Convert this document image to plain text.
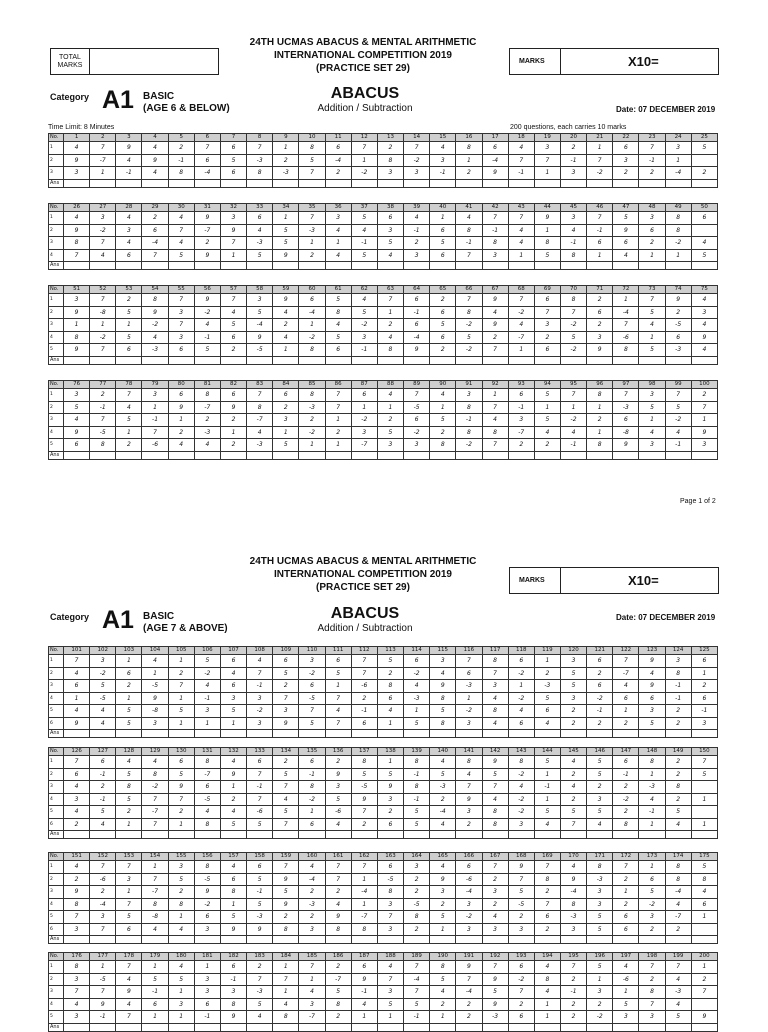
24TH UCMAS ABACUS & MENTAL ARITHMETIC
INTERNATIONAL COMPETITION 2019
(PRACTICE SET 29)
TOTAL MARKS
MARKS	X10=
Category A1 BASIC
(AGE 6 & BELOW)
ABACUS
Addition / Subtraction	Date: 07 DECEMBER 2019
Time Limit: 8 Minutes	200 questions, each carries 10 marks
No.	1	2	3	4	5	6	7	8	9	10	11	12	13	14	15	16	17	18	19	20	21	22	23	24	25
1	4	7	9	4	2	7	6	7	1	8	6	7	2	7	4	8	6	4	3	2	1	6	7	3	5
2	9	-7	4	9	-1	6	5	-3	2	5	-4	1	8	-2	3	1	-4	7	7	-1	7	3	-1	1	
3	3	1	-1	4	8	-4	6	8	-3	7	2	-2	3	3	-1	2	9	-1	1	3	-2	2	2	-4	2
Ans																									
No.	26	27	28	29	30	31	32	33	34	35	36	37	38	39	40	41	42	43	44	45	46	47	48	49	50
1	4	3	4	2	4	9	3	6	1	7	3	5	6	4	1	4	7	7	9	3	7	5	3	8	6
2	9	-2	3	6	7	-7	9	4	5	-3	4	4	3	-1	6	8	-1	4	1	4	-1	9	6	8	
3	8	7	4	-4	4	2	7	-3	5	1	1	-1	5	2	5	-1	8	4	8	-1	6	6	2	-2	4
4	7	4	6	7	5	9	1	5	9	2	4	5	4	3	6	7	3	1	5	8	1	4	1	1	5
Ans																									
No.	51	52	53	54	55	56	57	58	59	60	61	62	63	64	65	66	67	68	69	70	71	72	73	74	75
1	3	7	2	8	7	9	7	3	9	6	5	4	7	6	2	7	9	7	6	8	2	1	7	9	4
2	9	-8	5	9	3	-2	4	5	4	-4	8	5	1	-1	6	8	4	-2	7	7	6	-4	5	2	3
3	1	1	1	-2	7	4	5	-4	2	1	4	-2	2	6	5	-2	9	4	3	-2	2	7	4	-5	4
4	8	-2	5	4	3	-1	6	9	4	-2	5	3	4	-4	6	5	2	-7	2	5	3	-6	1	6	9
5	9	7	6	-3	6	5	2	-5	1	8	6	-1	8	9	2	-2	7	1	6	-2	9	8	5	-3	4
Ans																									
No.	76	77	78	79	80	81	82	83	84	85	86	87	88	89	90	91	92	93	94	95	96	97	98	99	100
1	3	2	7	3	6	8	6	7	6	8	7	6	4	7	4	3	1	6	5	7	8	7	3	7	2
2	5	-1	4	1	9	-7	9	8	2	-3	7	1	1	-5	1	8	7	-1	1	1	1	-3	5	5	7
3	4	7	5	-1	1	2	2	-7	3	2	1	-2	2	6	5	-1	4	3	5	-2	2	6	1	-2	1
4	9	-5	1	7	2	-3	1	4	1	-2	2	3	5	-2	2	8	8	-7	4	4	1	-8	4	4	9
5	6	8	2	-6	4	4	2	-3	5	1	1	-7	3	3	8	-2	7	2	2	-1	8	9	3	-1	3
Ans																									
Page 1 of 2
24TH UCMAS ABACUS & MENTAL ARITHMETIC
INTERNATIONAL COMPETITION 2019
(PRACTICE SET 29)
MARKS	X10=
Category A1 BASIC
(AGE 7 & ABOVE)
ABACUS
Addition / Subtraction
Date: 07 DECEMBER 2019
No.	101	102	103	104	105	106	107	108	109	110	111	112	113	114	115	116	117	118	119	120	121	122	123	124	125
1	7	3	1	4	1	5	6	4	6	3	6	7	5	6	3	7	8	6	1	3	6	7	9	3	6
2	4	-2	6	1	2	-2	4	7	5	-2	5	7	2	-2	4	6	7	-2	2	5	2	-7	4	8	1
3	6	5	2	-5	7	4	6	-1	2	6	1	-6	8	4	9	-3	3	1	-3	5	6	4	9	-1	2
4	1	-5	1	9	1	-1	3	3	7	-5	7	2	6	-3	8	1	4	-2	5	3	-2	6	6	-1	6
5	4	4	5	-8	5	3	5	-2	3	7	4	-1	4	1	5	-2	8	4	6	2	-1	1	3	2	-1
6	9	4	5	3	1	1	1	3	9	5	7	6	1	5	8	3	4	6	4	2	2	2	5	2	3
Ans																									
No.	126	127	128	129	130	131	132	133	134	135	136	137	138	139	140	141	142	143	144	145	146	147	148	149	150
1	7	6	4	4	6	8	4	6	2	6	2	8	1	8	4	8	9	8	5	4	5	6	8	2	7
2	6	-1	5	8	5	-7	9	7	5	-1	9	5	5	-1	5	4	5	-2	1	2	5	-1	1	2	5
3	4	2	8	-2	9	6	1	-1	7	8	3	-5	9	8	-3	7	7	4	-1	4	2	2	-3	8	
4	3	-1	5	7	7	-5	2	7	4	-2	5	9	3	-1	2	9	4	-2	1	2	3	-2	4	2	1
5	4	5	2	-7	2	4	4	-6	5	1	-6	7	2	5	-4	3	8	-2	5	5	5	2	-1	5	
6	2	4	1	7	1	8	5	5	7	6	4	2	6	5	4	2	8	3	4	7	4	8	1	4	1
Ans																									
No.	151	152	153	154	155	156	157	158	159	160	161	162	163	164	165	166	167	168	169	170	171	172	173	174	175
1	4	7	7	1	3	8	4	6	7	4	7	7	6	3	4	6	7	9	7	4	8	7	1	8	5
2	2	-6	3	7	5	-5	6	5	9	-4	7	1	-5	2	9	-6	2	7	8	9	-3	2	6	8	8
3	9	2	1	-7	2	9	8	-1	5	2	2	-4	8	2	3	-4	3	5	2	-4	3	1	5	-4	4
4	8	-4	7	8	8	-2	1	5	9	-3	4	1	3	-5	2	3	2	-5	7	8	3	2	-2	4	6
5	7	3	5	-8	1	6	5	-3	2	2	9	-7	7	8	5	-2	4	2	6	-3	5	6	3	-7	1
6	3	7	6	4	4	3	9	9	8	3	8	8	3	2	1	3	3	3	2	3	5	6	2	2	
Ans																									
No.	176	177	178	179	180	181	182	183	184	185	186	187	188	189	190	191	192	193	194	195	196	197	198	199	200
1	8	1	7	1	4	1	6	2	1	7	2	6	4	7	8	9	7	6	4	7	5	4	7	7	1
2	3	-5	4	5	5	3	-1	7	7	1	-7	9	7	-4	5	7	9	-2	8	2	1	-6	2	4	2
3	7	7	9	-1	1	3	3	-3	1	4	5	-1	3	7	4	-4	5	7	4	-1	3	1	8	-3	7
4	4	9	4	6	3	6	8	5	4	3	8	4	5	5	2	2	9	2	1	2	2	5	7	4	
5	3	-1	7	1	1	-1	9	4	8	-7	2	1	1	-1	1	2	-3	6	1	2	-2	3	3	5	9
Ans																									
